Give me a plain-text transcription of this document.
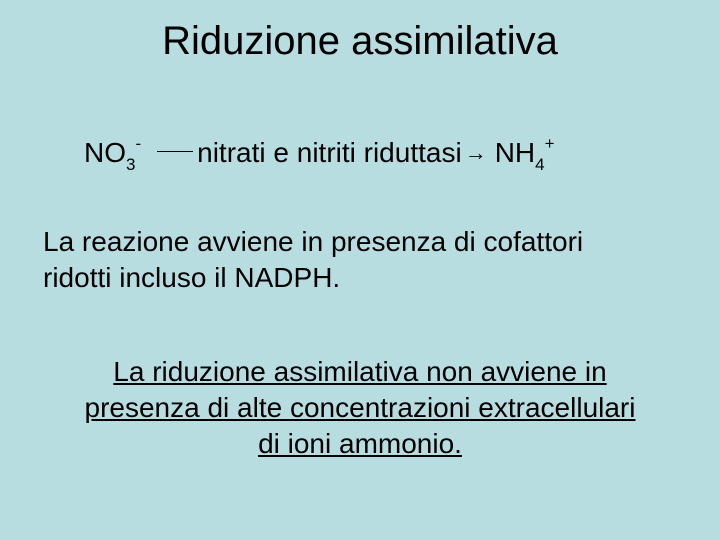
Riduzione assimilativa
$NO_3^-$ nitrati e nitriti riduttasi → $NH_4^+$
La reazione avviene in presenza di cofattori
ridotti incluso il NADPH.
La riduzione assimilativa non avviene in
presenza di alte concentrazioni extracellulari
di ioni ammonio.
